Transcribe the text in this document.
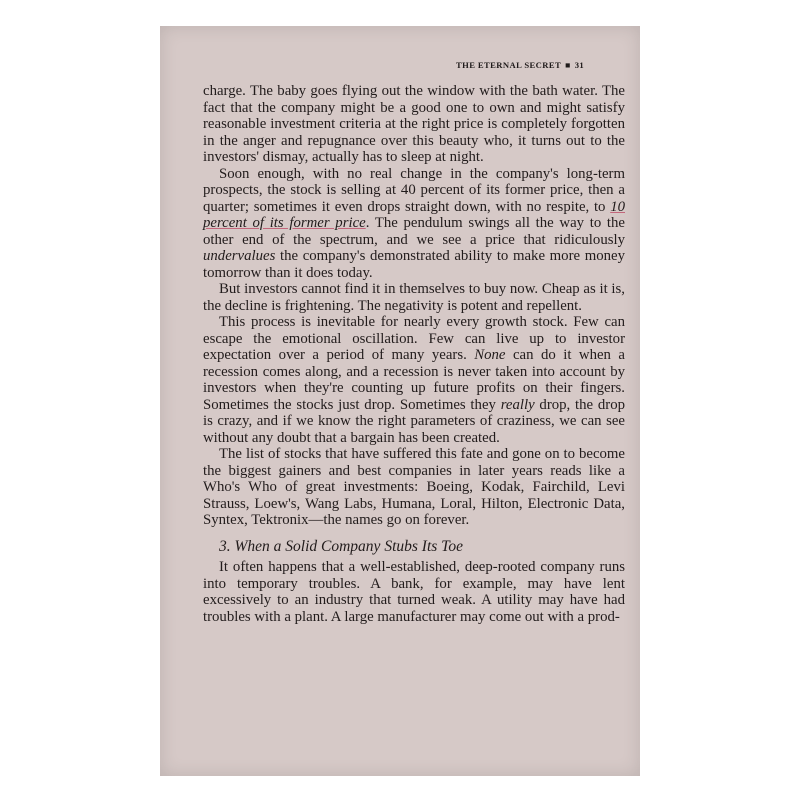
THE ETERNAL SECRET ■ 31

charge. The baby goes flying out the window with the bath water. The fact that the company might be a good one to own and might satisfy reasonable investment criteria at the right price is completely forgotten in the anger and repugnance over this beauty who, it turns out to the investors' dismay, actually has to sleep at night.

Soon enough, with no real change in the company's long-term prospects, the stock is selling at 40 percent of its former price, then a quarter; sometimes it even drops straight down, with no respite, to 10 percent of its former price. The pendulum swings all the way to the other end of the spectrum, and we see a price that ridiculously undervalues the company's demonstrated ability to make more money tomorrow than it does today.

But investors cannot find it in themselves to buy now. Cheap as it is, the decline is frightening. The negativity is potent and repellent.

This process is inevitable for nearly every growth stock. Few can escape the emotional oscillation. Few can live up to investor expectation over a period of many years. None can do it when a recession comes along, and a recession is never taken into account by investors when they're counting up future profits on their fingers. Sometimes the stocks just drop. Sometimes they really drop, the drop is crazy, and if we know the right parameters of craziness, we can see without any doubt that a bargain has been created.

The list of stocks that have suffered this fate and gone on to become the biggest gainers and best companies in later years reads like a Who's Who of great investments: Boeing, Kodak, Fairchild, Levi Strauss, Loew's, Wang Labs, Humana, Loral, Hilton, Electronic Data, Syntex, Tektronix—the names go on forever.

3. When a Solid Company Stubs Its Toe

It often happens that a well-established, deep-rooted company runs into temporary troubles. A bank, for example, may have lent excessively to an industry that turned weak. A utility may have had troubles with a plant. A large manufacturer may come out with a prod-
